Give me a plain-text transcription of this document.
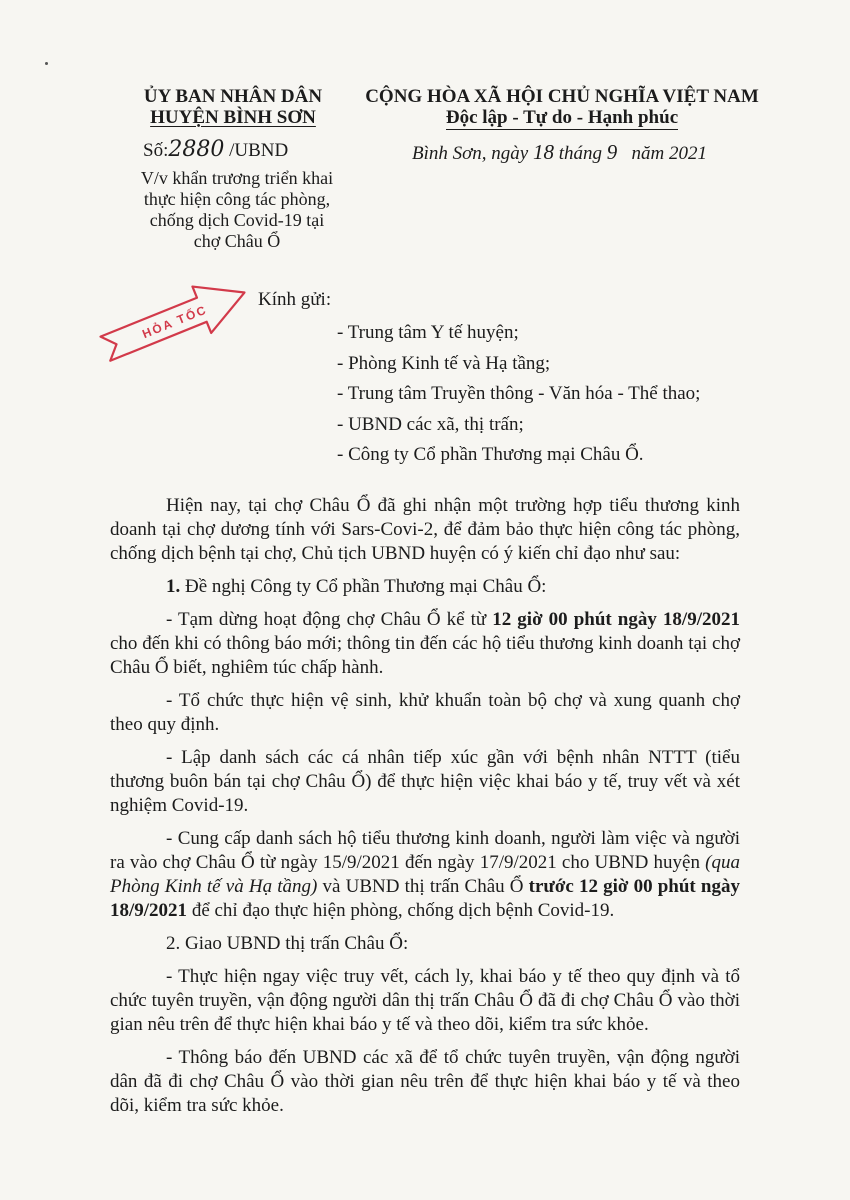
ỦY BAN NHÂN DÂN
HUYỆN BÌNH SƠN
Số:2880 /UBND
V/v khẩn trương triển khai
thực hiện công tác phòng,
chống dịch Covid-19 tại
chợ Châu Ổ
CỘNG HÒA XÃ HỘI CHỦ NGHĨA VIỆT NAM
Độc lập - Tự do - Hạnh phúc
Bình Sơn, ngày 18 tháng 9 năm 2021
HỎA TỐC
Kính gửi:
- Trung tâm Y tế huyện;
- Phòng Kinh tế và Hạ tầng;
- Trung tâm Truyền thông - Văn hóa - Thể thao;
- UBND các xã, thị trấn;
- Công ty Cổ phần Thương mại Châu Ổ.

Hiện nay, tại chợ Châu Ổ đã ghi nhận một trường hợp tiểu thương kinh doanh tại chợ dương tính với Sars-Covi-2, để đảm bảo thực hiện công tác phòng, chống dịch bệnh tại chợ, Chủ tịch UBND huyện có ý kiến chỉ đạo như sau:

1. Đề nghị Công ty Cổ phần Thương mại Châu Ổ:

- Tạm dừng hoạt động chợ Châu Ổ kể từ 12 giờ 00 phút ngày 18/9/2021 cho đến khi có thông báo mới; thông tin đến các hộ tiểu thương kinh doanh tại chợ Châu Ổ biết, nghiêm túc chấp hành.

- Tổ chức thực hiện vệ sinh, khử khuẩn toàn bộ chợ và xung quanh chợ theo quy định.

- Lập danh sách các cá nhân tiếp xúc gần với bệnh nhân NTTT (tiểu thương buôn bán tại chợ Châu Ổ) để thực hiện việc khai báo y tế, truy vết và xét nghiệm Covid-19.

- Cung cấp danh sách hộ tiểu thương kinh doanh, người làm việc và người ra vào chợ Châu Ổ từ ngày 15/9/2021 đến ngày 17/9/2021 cho UBND huyện (qua Phòng Kinh tế và Hạ tầng) và UBND thị trấn Châu Ổ trước 12 giờ 00 phút ngày 18/9/2021 để chỉ đạo thực hiện phòng, chống dịch bệnh Covid-19.

2. Giao UBND thị trấn Châu Ổ:

- Thực hiện ngay việc truy vết, cách ly, khai báo y tế theo quy định và tổ chức tuyên truyền, vận động người dân thị trấn Châu Ổ đã đi chợ Châu Ổ vào thời gian nêu trên để thực hiện khai báo y tế và theo dõi, kiểm tra sức khỏe.

- Thông báo đến UBND các xã để tổ chức tuyên truyền, vận động người dân đã đi chợ Châu Ổ vào thời gian nêu trên để thực hiện khai báo y tế và theo dõi, kiểm tra sức khỏe.
